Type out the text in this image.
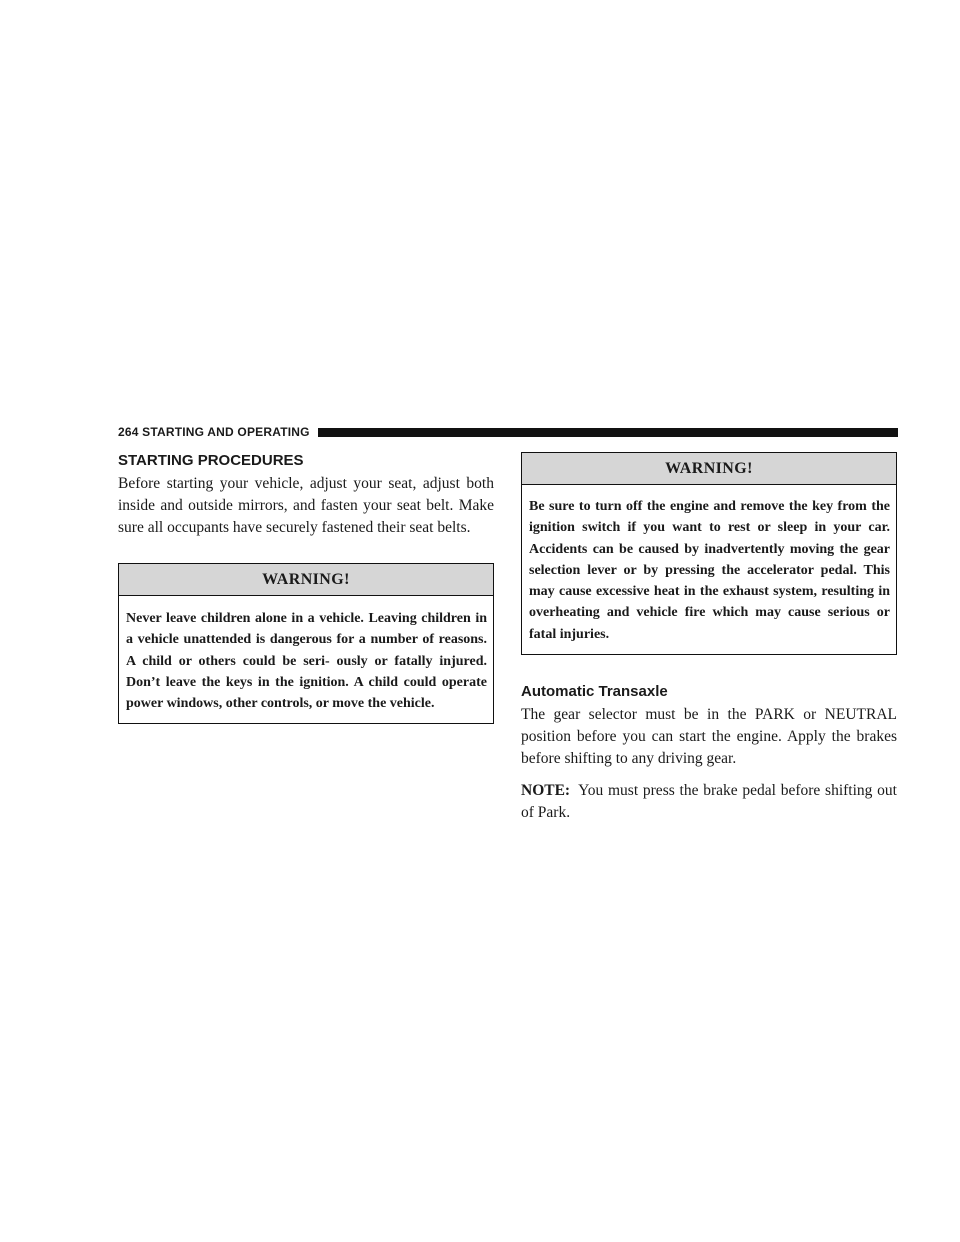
264 STARTING AND OPERATING
STARTING PROCEDURES

Before starting your vehicle, adjust your seat, adjust both inside and outside mirrors, and fasten your seat belt. Make sure all occupants have securely fastened their seat belts.

WARNING!
Never leave children alone in a vehicle. Leaving children in a vehicle unattended is dangerous for a number of reasons. A child or others could be seri- ously or fatally injured. Don’t leave the keys in the ignition. A child could operate power windows, other controls, or move the vehicle.
WARNING!
Be sure to turn off the engine and remove the key from the ignition switch if you want to rest or sleep in your car. Accidents can be caused by inadvertently moving the gear selection lever or by pressing the accelerator pedal. This may cause excessive heat in the exhaust system, resulting in overheating and vehicle fire which may cause serious or fatal injuries.
Automatic Transaxle

The gear selector must be in the PARK or NEUTRAL position before you can start the engine. Apply the brakes before shifting to any driving gear.

NOTE: You must press the brake pedal before shifting out of Park.
